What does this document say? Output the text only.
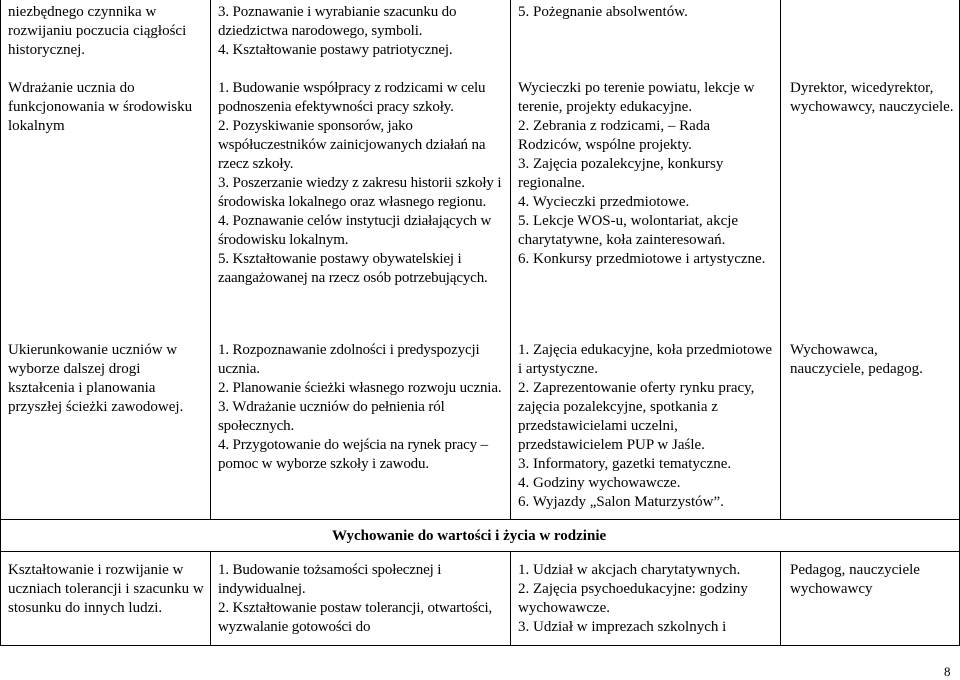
niezbędnego czynnika w rozwijaniu poczucia ciągłości historycznej.

3. Poznawanie i wyrabianie szacunku do dziedzictwa narodowego, symboli.

4. Kształtowanie postawy patriotycznej.

5. Pożegnanie absolwentów.

Wdrażanie ucznia do funkcjonowania w środowisku lokalnym

1. Budowanie współpracy z rodzicami w celu podnoszenia efektywności pracy szkoły.

2. Pozyskiwanie sponsorów, jako współuczestników zainicjowanych działań na rzecz szkoły.

3. Poszerzanie wiedzy z zakresu historii szkoły i środowiska lokalnego oraz własnego regionu.

4. Poznawanie celów instytucji działających w środowisku lokalnym.

5. Kształtowanie postawy obywatelskiej i zaangażowanej na rzecz osób potrzebujących.

Wycieczki po terenie powiatu, lekcje w terenie, projekty edukacyjne.

2. Zebrania z rodzicami, – Rada Rodziców, wspólne projekty.

3. Zajęcia pozalekcyjne, konkursy regionalne.

4. Wycieczki przedmiotowe.

5. Lekcje WOS-u, wolontariat, akcje charytatywne, koła zainteresowań.

6. Konkursy przedmiotowe i artystyczne.

Dyrektor, wicedyrektor, wychowawcy, nauczyciele.

Ukierunkowanie uczniów w wyborze dalszej drogi kształcenia i planowania przyszłej ścieżki zawodowej.

1. Rozpoznawanie zdolności i predyspozycji ucznia.

2. Planowanie ścieżki własnego rozwoju ucznia.

3. Wdrażanie uczniów do pełnienia ról społecznych.

4. Przygotowanie do wejścia na rynek pracy – pomoc w wyborze szkoły i zawodu.

1. Zajęcia edukacyjne, koła przedmiotowe i artystyczne.

2. Zaprezentowanie oferty rynku pracy, zajęcia pozalekcyjne, spotkania z przedstawicielami uczelni, przedstawicielem PUP w Jaśle.

3. Informatory, gazetki tematyczne.

4. Godziny wychowawcze.

6. Wyjazdy „Salon Maturzystów”.

Wychowawca, nauczyciele, pedagog.

Wychowanie do wartości i życia w rodzinie

Kształtowanie i rozwijanie w uczniach tolerancji i szacunku w stosunku do innych ludzi.

1. Budowanie tożsamości społecznej i indywidualnej.

2. Kształtowanie postaw tolerancji, otwartości, wyzwalanie gotowości do

1. Udział w akcjach charytatywnych.

2. Zajęcia psychoedukacyjne: godziny wychowawcze.

3. Udział w imprezach szkolnych i

Pedagog, nauczyciele wychowawcy

8
